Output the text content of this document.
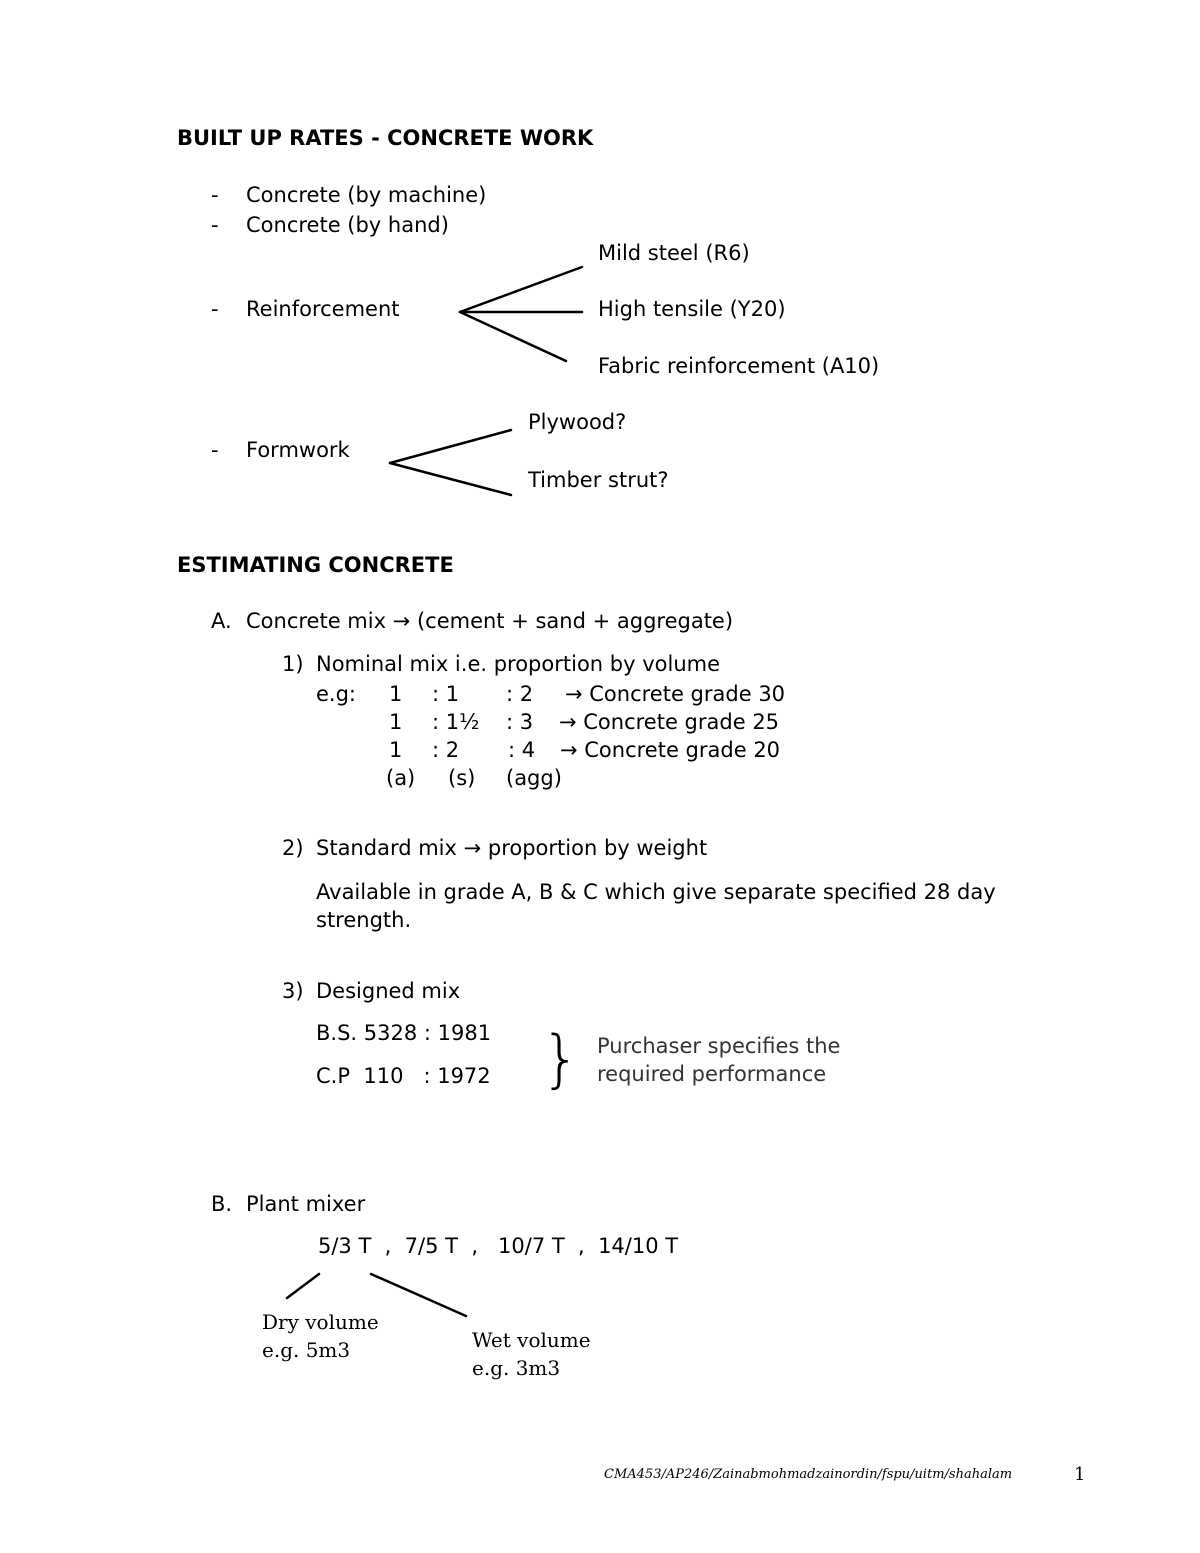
BUILT UP RATES - CONCRETE WORK
- Concrete (by machine)
- Concrete (by hand)
Mild steel (R6)
- Reinforcement	High tensile (Y20)
Fabric reinforcement (A10)
Plywood?
- Formwork
Timber strut?
ESTIMATING CONCRETE
A. Concrete mix → (cement + sand + aggregate)
1) Nominal mix i.e. proportion by volume
e.g: 1 : 1 : 2 → Concrete grade 30
1 : 1½ : 3 → Concrete grade 25
1 : 2 : 4 → Concrete grade 20
(a) (s) (agg)
2) Standard mix → proportion by weight
Available in grade A, B & C which give separate specified 28 day
strength.
3) Designed mix
B.S. 5328 : 1981
C.P  110   : 1972 } Purchaser specifies the
required performance
B. Plant mixer
5/3 T  ,  7/5 T  ,   10/7 T  ,  14/10 T
Dry volume
e.g. 5m3	Wet volume
e.g. 3m3
CMA453/AP246/Zainabmohmadzainordin/fspu/uitm/shahalam	1
